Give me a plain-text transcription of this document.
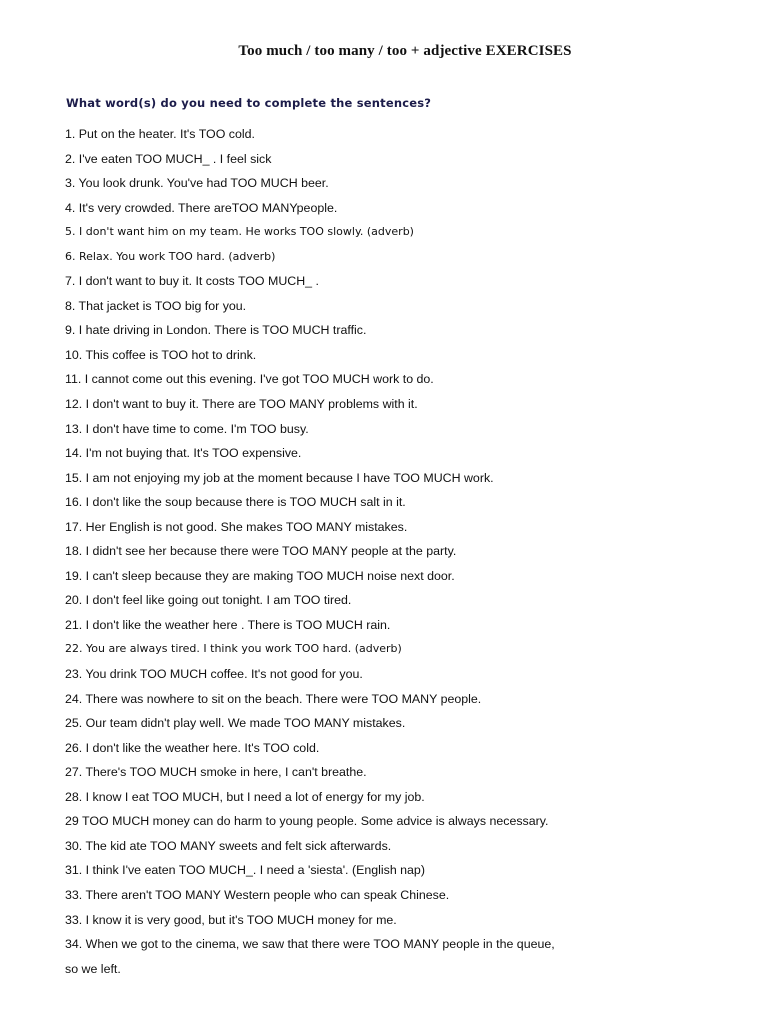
Too much / too many / too + adjective EXERCISES
What word(s) do you need to complete the sentences?
1. Put on the heater. It's TOO cold.
2. I've eaten TOO MUCH_ . I feel sick
3. You look drunk. You've had TOO MUCH beer.
4. It's very crowded. There areTOO MANYpeople.
5. I don't want him on my team. He works TOO slowly. (adverb)
6. Relax. You work TOO hard. (adverb)
7. I don't want to buy it. It costs TOO MUCH_ .
8. That jacket is TOO big for you.
9. I hate driving in London. There is TOO MUCH traffic.
10. This coffee is TOO hot to drink.
11. I cannot come out this evening. I've got TOO MUCH work to do.
12. I don't want to buy it. There are TOO MANY problems with it.
13. I don't have time to come. I'm TOO busy.
14. I'm not buying that. It's TOO expensive.
15. I am not enjoying my job at the moment because I have TOO MUCH work.
16. I don't like the soup because there is TOO MUCH salt in it.
17. Her English is not good. She makes TOO MANY mistakes.
18. I didn't see her because there were TOO MANY people at the party.
19. I can't sleep because they are making TOO MUCH noise next door.
20. I don't feel like going out tonight. I am TOO tired.
21. I don't like the weather here . There is TOO MUCH rain.
22. You are always tired. I think you work TOO hard. (adverb)
23. You drink TOO MUCH coffee. It's not good for you.
24. There was nowhere to sit on the beach. There were TOO MANY people.
25. Our team didn't play well. We made TOO MANY mistakes.
26. I don't like the weather here. It's TOO cold.
27. There's TOO MUCH smoke in here, I can't breathe.
28. I know I eat TOO MUCH, but I need a lot of energy for my job.
29 TOO MUCH money can do harm to young people. Some advice is always necessary.
30. The kid ate TOO MANY sweets and felt sick afterwards.
31. I think I've eaten TOO MUCH_. I need a 'siesta'. (English nap)
33. There aren't TOO MANY Western people who can speak Chinese.
33. I know it is very good, but it's TOO MUCH money for me.
34. When we got to the cinema, we saw that there were TOO MANY people in the queue,
so we left.
